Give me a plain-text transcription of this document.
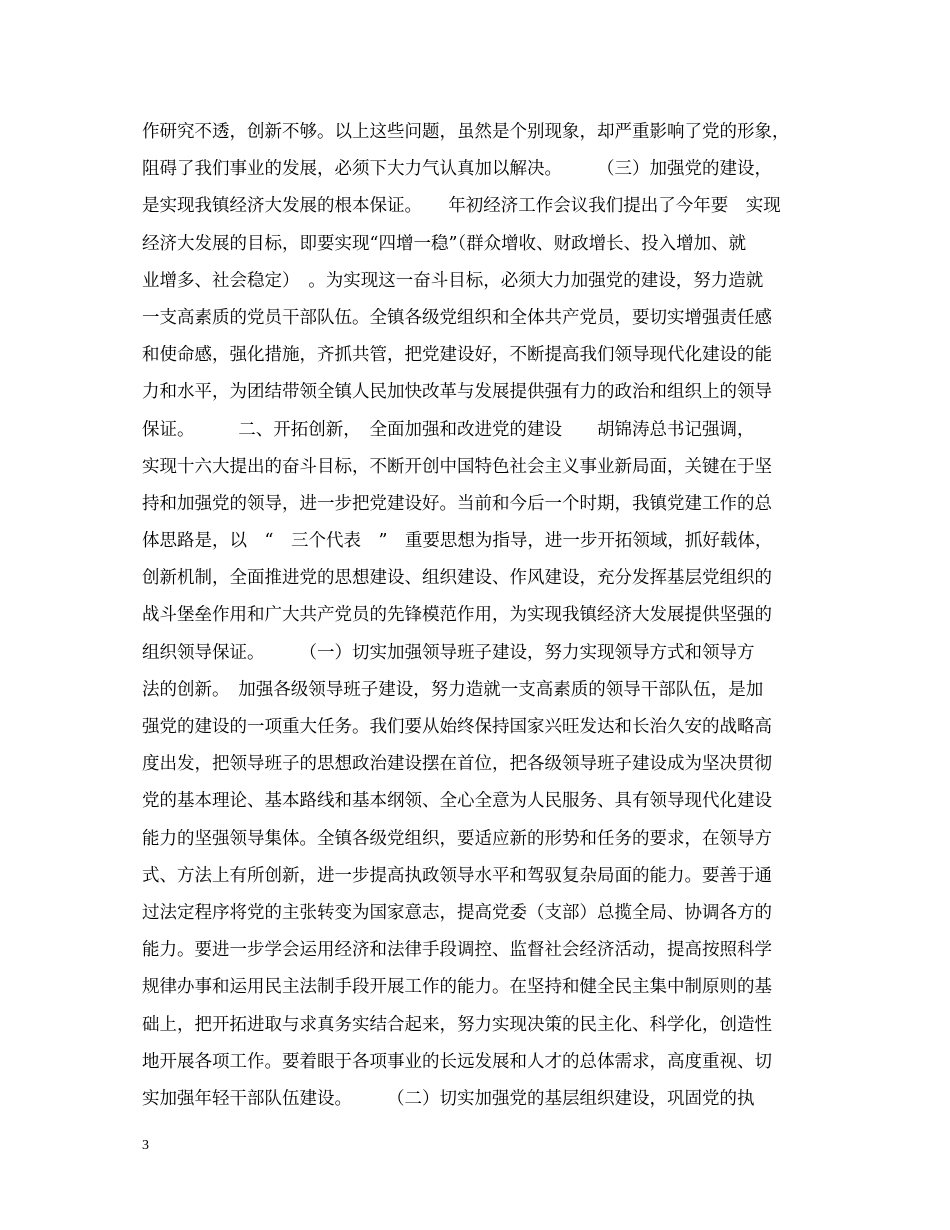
作研究不透，创新不够。以上这些问题，虽然是个别现象，却严重影响了党的形象，
阻碍了我们事业的发展，必须下大力气认真加以解决。　　　（三）加强党的建设，
是实现我镇经济大发展的根本保证。　　年初经济工作会议我们提出了今年要　实现
经济大发展的目标，即要实现“四增一稳”（群众增收、财政增长、投入增加、就
业增多、社会稳定）　。为实现这一奋斗目标，必须大力加强党的建设，努力造就
一支高素质的党员干部队伍。全镇各级党组织和全体共产党员，要切实增强责任感
和使命感，强化措施，齐抓共管，把党建设好，不断提高我们领导现代化建设的能
力和水平，为团结带领全镇人民加快改革与发展提供强有力的政治和组织上的领导
保证。　　　二、开拓创新，　全面加强和改进党的建设　　胡锦涛总书记强调，
实现十六大提出的奋斗目标，不断开创中国特色社会主义事业新局面，关键在于坚
持和加强党的领导，进一步把党建设好。当前和今后一个时期，我镇党建工作的总
体思路是，以　“　三个代表　”　重要思想为指导，进一步开拓领域，抓好载体，
创新机制，全面推进党的思想建设、组织建设、作风建设，充分发挥基层党组织的
战斗堡垒作用和广大共产党员的先锋模范作用，为实现我镇经济大发展提供坚强的
组织领导保证。　　　（一）切实加强领导班子建设，努力实现领导方式和领导方
法的创新。　加强各级领导班子建设，努力造就一支高素质的领导干部队伍，是加
强党的建设的一项重大任务。我们要从始终保持国家兴旺发达和长治久安的战略高
度出发，把领导班子的思想政治建设摆在首位，把各级领导班子建设成为坚决贯彻
党的基本理论、基本路线和基本纲领、全心全意为人民服务、具有领导现代化建设
能力的坚强领导集体。全镇各级党组织，要适应新的形势和任务的要求，在领导方
式、方法上有所创新，进一步提高执政领导水平和驾驭复杂局面的能力。要善于通
过法定程序将党的主张转变为国家意志，提高党委（支部）总揽全局、协调各方的
能力。要进一步学会运用经济和法律手段调控、监督社会经济活动，提高按照科学
规律办事和运用民主法制手段开展工作的能力。在坚持和健全民主集中制原则的基
础上，把开拓进取与求真务实结合起来，努力实现决策的民主化、科学化，创造性
地开展各项工作。要着眼于各项事业的长远发展和人才的总体需求，高度重视、切
实加强年轻干部队伍建设。　　　（二）切实加强党的基层组织建设，巩固党的执
3
